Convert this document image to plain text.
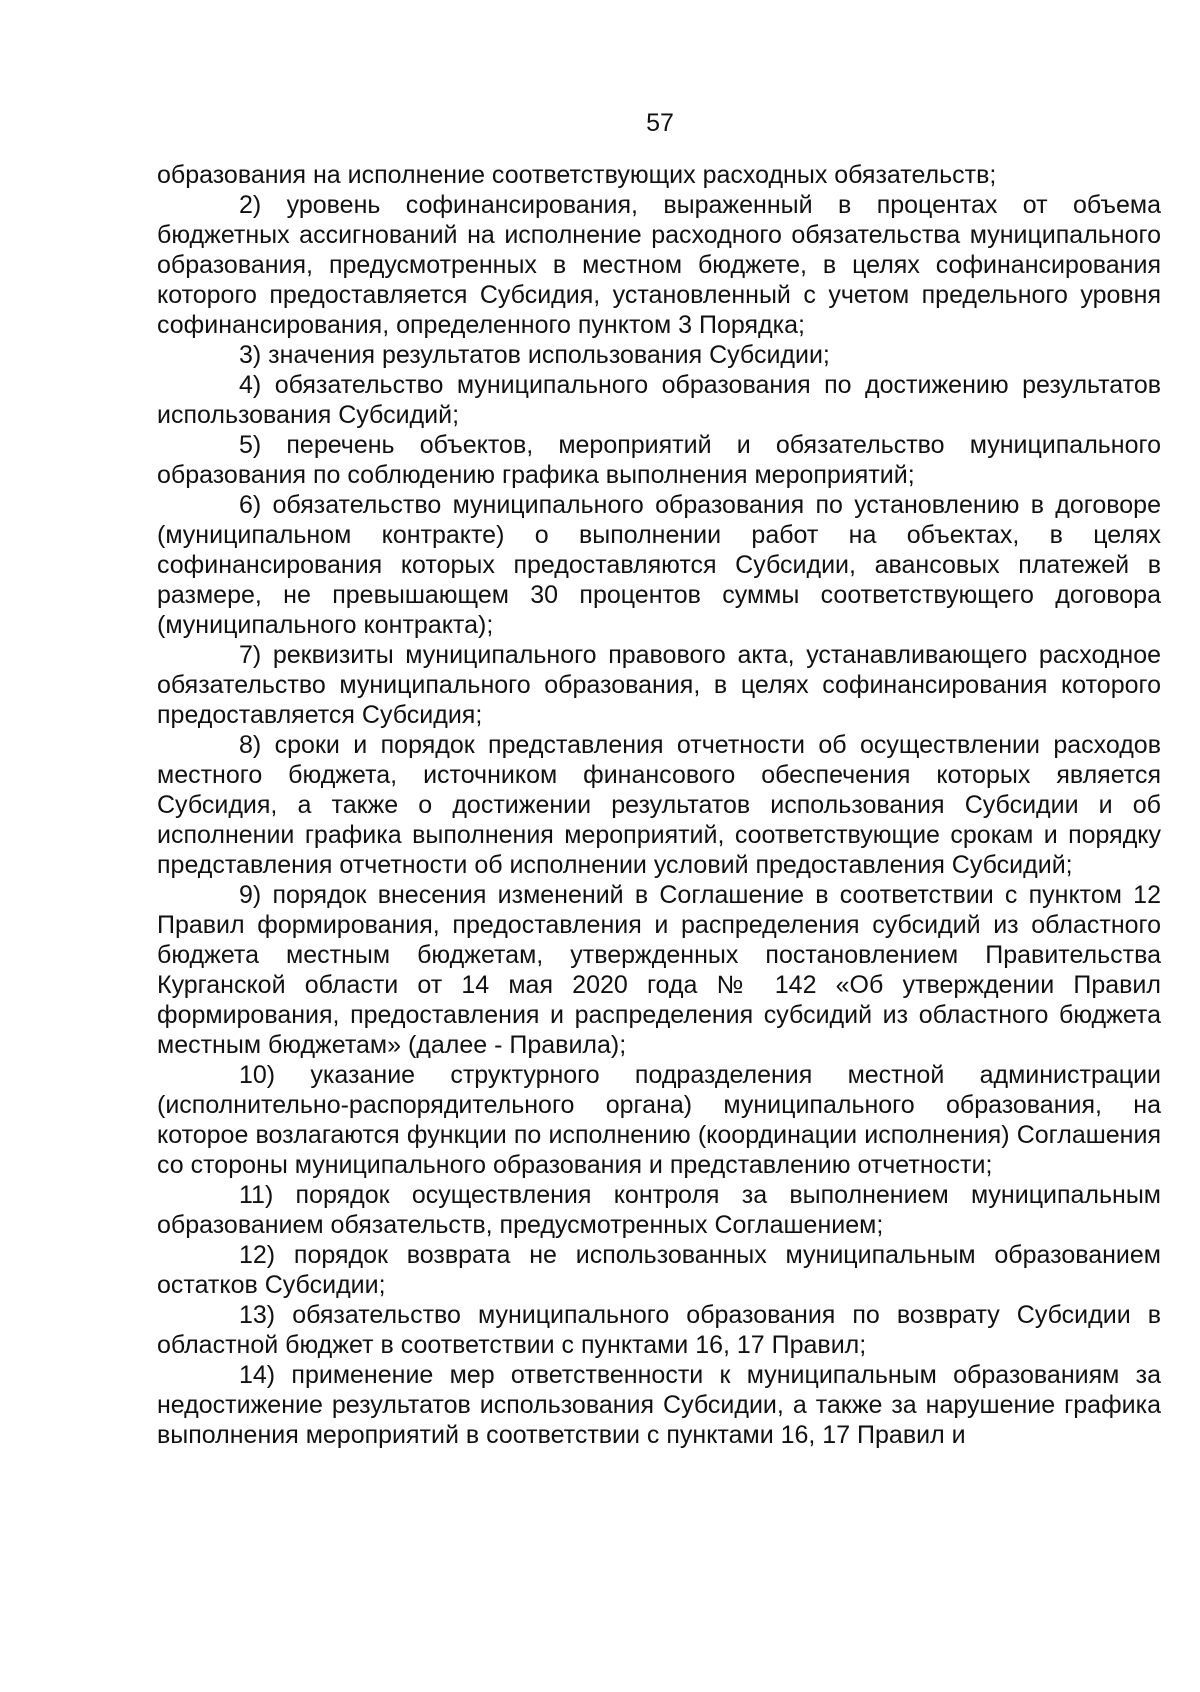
57

образования на исполнение соответствующих расходных обязательств;

2) уровень софинансирования, выраженный в процентах от объема бюджетных ассигнований на исполнение расходного обязательства муниципального образования, предусмотренных в местном бюджете, в целях софинансирования которого предоставляется Субсидия, установленный с учетом предельного уровня софинансирования, определенного пунктом 3 Порядка;

3) значения результатов использования Субсидии;

4) обязательство муниципального образования по достижению результатов использования Субсидий;

5) перечень объектов, мероприятий и обязательство муниципального образования по соблюдению графика выполнения мероприятий;

6) обязательство муниципального образования по установлению в договоре (муниципальном контракте) о выполнении работ на объектах, в целях софинансирования которых предоставляются Субсидии, авансовых платежей в размере, не превышающем 30 процентов суммы соответствующего договора (муниципального контракта);

7) реквизиты муниципального правового акта, устанавливающего расходное обязательство муниципального образования, в целях софинансирования которого предоставляется Субсидия;

8) сроки и порядок представления отчетности об осуществлении расходов местного бюджета, источником финансового обеспечения которых является Субсидия, а также о достижении результатов использования Субсидии и об исполнении графика выполнения мероприятий, соответствующие срокам и порядку представления отчетности об исполнении условий предоставления Субсидий;

9) порядок внесения изменений в Соглашение в соответствии с пунктом 12 Правил формирования, предоставления и распределения субсидий из областного бюджета местным бюджетам, утвержденных постановлением Правительства Курганской области от 14 мая 2020 года № 142 «Об утверждении Правил формирования, предоставления и распределения субсидий из областного бюджета местным бюджетам» (далее - Правила);

10) указание структурного подразделения местной администрации (исполнительно-распорядительного органа) муниципального образования, на которое возлагаются функции по исполнению (координации исполнения) Соглашения со стороны муниципального образования и представлению отчетности;

11) порядок осуществления контроля за выполнением муниципальным образованием обязательств, предусмотренных Соглашением;

12) порядок возврата не использованных муниципальным образованием остатков Субсидии;

13) обязательство муниципального образования по возврату Субсидии в областной бюджет в соответствии с пунктами 16, 17 Правил;

14) применение мер ответственности к муниципальным образованиям за недостижение результатов использования Субсидии, а также за нарушение графика выполнения мероприятий в соответствии с пунктами 16, 17 Правил и
